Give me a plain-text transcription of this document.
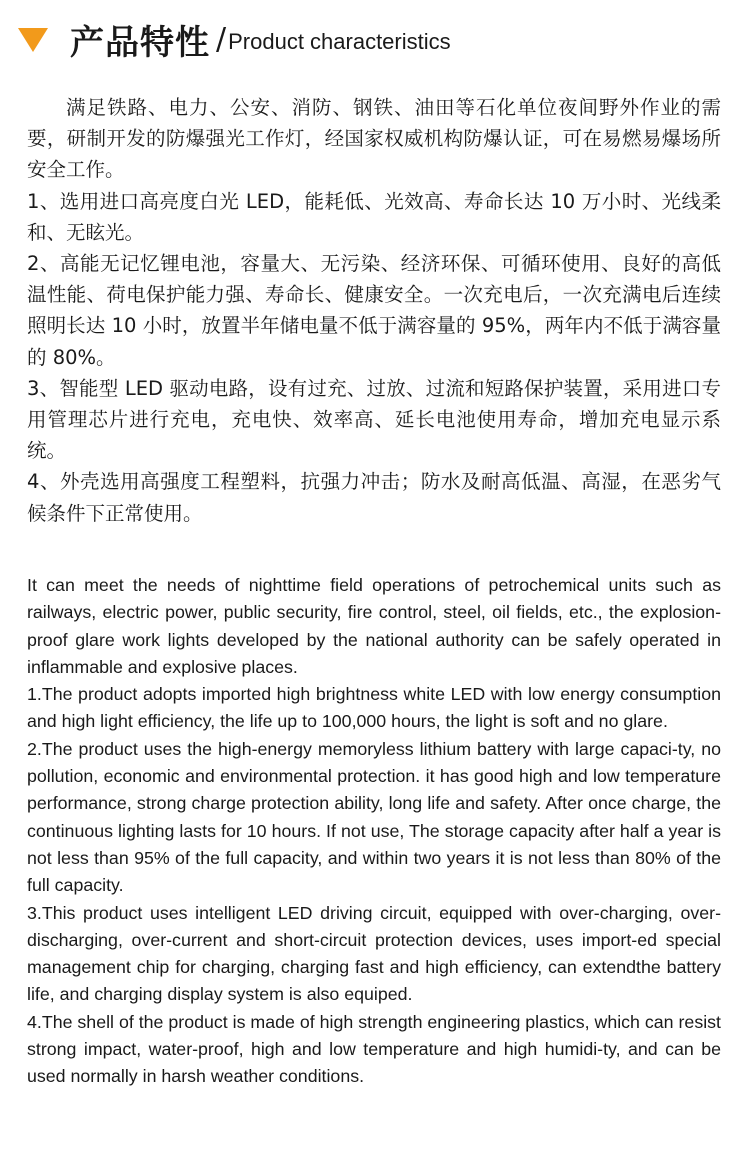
产品特性 / Product characteristics

满足铁路、电力、公安、消防、钢铁、油田等石化单位夜间野外作业的需要，研制开发的防爆强光工作灯，经国家权威机构防爆认证，可在易燃易爆场所安全工作。

1、选用进口高亮度白光 LED，能耗低、光效高、寿命长达 10 万小时、光线柔和、无眩光。

2、高能无记忆锂电池，容量大、无污染、经济环保、可循环使用、良好的高低温性能、荷电保护能力强、寿命长、健康安全。一次充电后，一次充满电后连续照明长达 10 小时，放置半年储电量不低于满容量的 95%，两年内不低于满容量的 80%。

3、智能型 LED 驱动电路，设有过充、过放、过流和短路保护装置，采用进口专用管理芯片进行充电，充电快、效率高、延长电池使用寿命，增加充电显示系统。

4、外壳选用高强度工程塑料，抗强力冲击；防水及耐高低温、高湿，在恶劣气候条件下正常使用。

It can meet the needs of nighttime field operations of petrochemical units such as railways, electric power, public security, fire control, steel, oil fields, etc., the explosion-proof glare work lights developed by the national authority can be safely operated in inflammable and explosive places.

1.The product adopts imported high brightness white LED with low energy consumption and high light efficiency, the life up to 100,000 hours, the light is soft and no glare.

2.The product uses the high-energy memoryless lithium battery with large capaci-ty, no pollution, economic and environmental protection. it has good high and low temperature performance, strong charge protection ability, long life and safety. After once charge, the continuous lighting lasts for 10 hours. If not use, The storage capacity after half a year is not less than 95% of the full capacity, and within two years it is not less than 80% of the full capacity.

3.This product uses intelligent LED driving circuit, equipped with over-charging, over-discharging, over-current and short-circuit protection devices, uses import-ed special management chip for charging, charging fast and high efficiency, can extendthe battery life, and charging display system is also equiped.

4.The shell of the product is made of high strength engineering plastics, which can resist strong impact, water-proof, high and low temperature and high humidi-ty, and can be used normally in harsh weather conditions.
